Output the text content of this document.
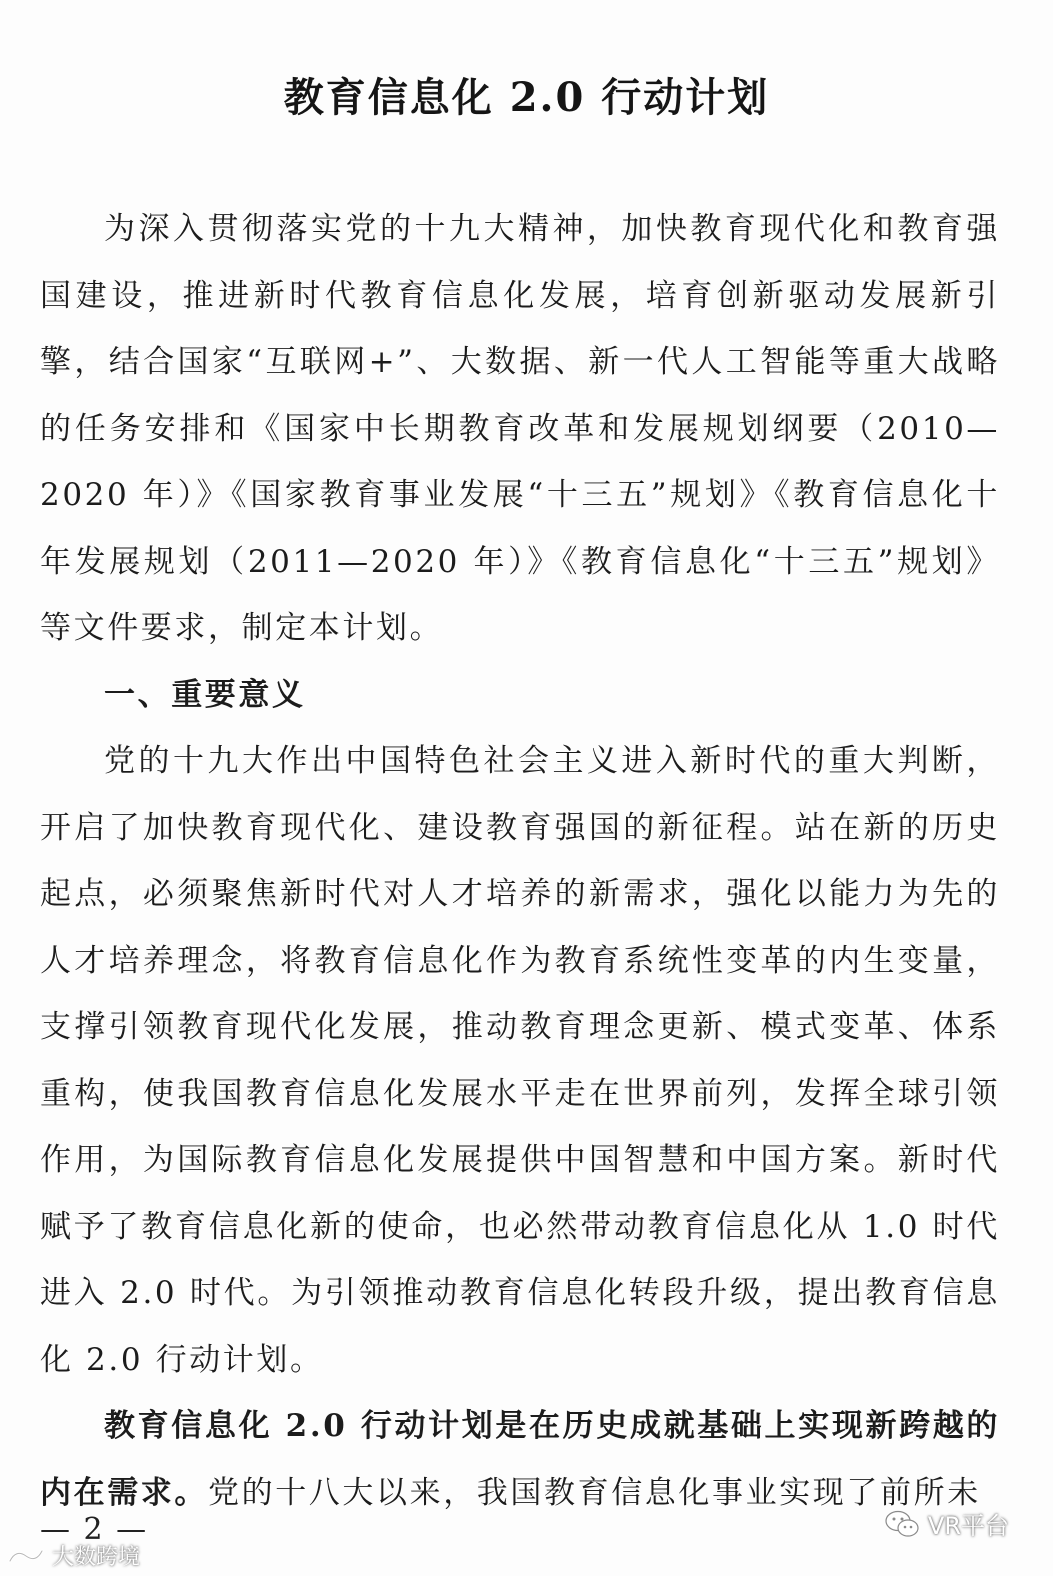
教育信息化 2.0 行动计划

为深入贯彻落实党的十九大精神，加快教育现代化和教育强国建设，推进新时代教育信息化发展，培育创新驱动发展新引擎，结合国家“互联网+”、大数据、新一代人工智能等重大战略的任务安排和《国家中长期教育改革和发展规划纲要（2010—2020 年）》《国家教育事业发展“十三五”规划》《教育信息化十年发展规划（2011—2020 年）》《教育信息化“十三五”规划》等文件要求，制定本计划。

一、重要意义

党的十九大作出中国特色社会主义进入新时代的重大判断，开启了加快教育现代化、建设教育强国的新征程。站在新的历史起点，必须聚焦新时代对人才培养的新需求，强化以能力为先的人才培养理念，将教育信息化作为教育系统性变革的内生变量，支撑引领教育现代化发展，推动教育理念更新、模式变革、体系重构，使我国教育信息化发展水平走在世界前列，发挥全球引领作用，为国际教育信息化发展提供中国智慧和中国方案。新时代赋予了教育信息化新的使命，也必然带动教育信息化从 1.0 时代进入 2.0 时代。为引领推动教育信息化转段升级，提出教育信息化 2.0 行动计划。

教育信息化 2.0 行动计划是在历史成就基础上实现新跨越的内在需求。党的十八大以来，我国教育信息化事业实现了前所未

— 2 —
大数跨境
VR平台
